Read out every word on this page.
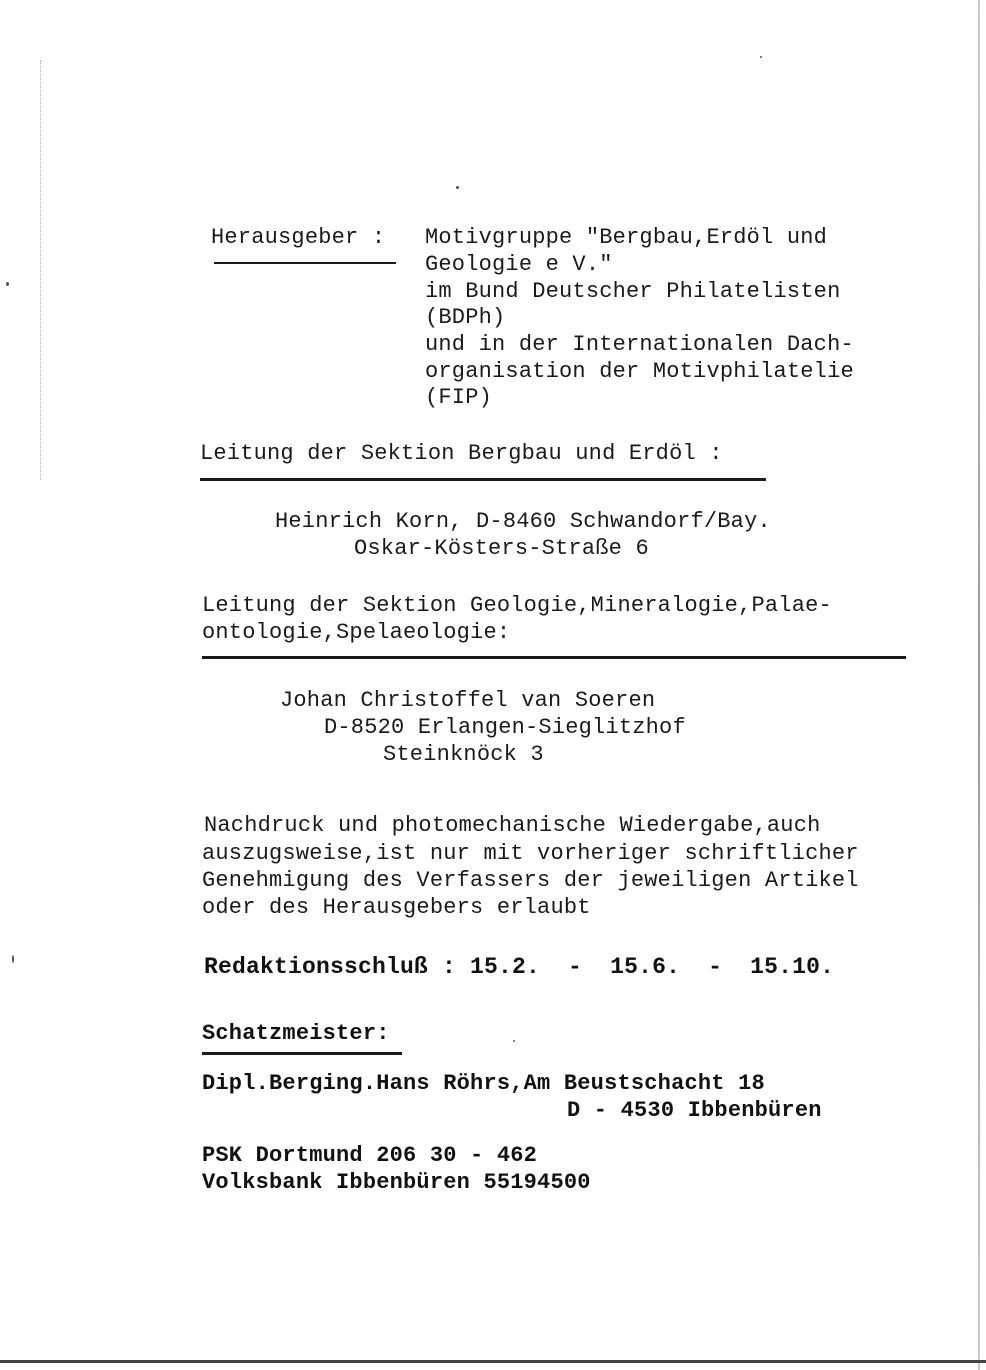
Herausgeber : Motivgruppe "Bergbau,Erdöl und

Geologie e V."

im Bund Deutscher Philatelisten

(BDPh)

und in der Internationalen Dach-

organisation der Motivphilatelie

(FIP)

Leitung der Sektion Bergbau und Erdöl :

Heinrich Korn, D-8460 Schwandorf/Bay.

Oskar-Kösters-Straße 6

Leitung der Sektion Geologie,Mineralogie,Palae-

ontologie,Spelaeologie:

Johan Christoffel van Soeren

D-8520 Erlangen-Sieglitzhof

Steinknöck 3

Nachdruck und photomechanische Wiedergabe,auch

auszugsweise,ist nur mit vorheriger schriftlicher

Genehmigung des Verfassers der jeweiligen Artikel

oder des Herausgebers erlaubt

Redaktionsschluß : 15.2.  -  15.6.  -  15.10.

Schatzmeister:

Dipl.Berging.Hans Röhrs,Am Beustschacht 18

D - 4530 Ibbenbüren

PSK Dortmund 206 30 - 462

Volksbank Ibbenbüren 55194500
